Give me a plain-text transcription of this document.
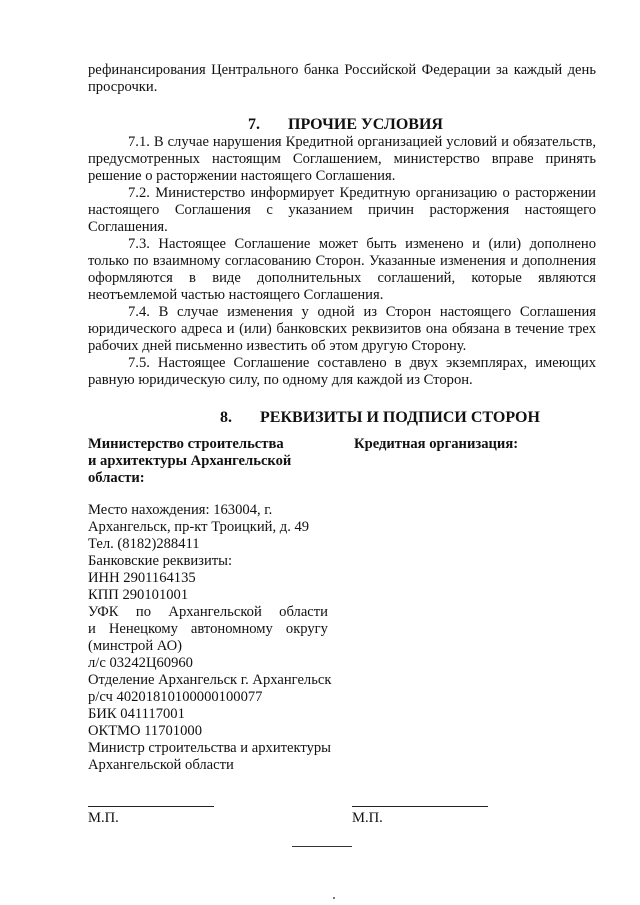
рефинансирования Центрального банка Российской Федерации за каждый день просрочки.

7. ПРОЧИЕ УСЛОВИЯ

7.1. В случае нарушения Кредитной организацией условий и обязательств, предусмотренных настоящим Соглашением, министерство вправе принять решение о расторжении настоящего Соглашения.

7.2. Министерство информирует Кредитную организацию о расторжении настоящего Соглашения с указанием причин расторжения настоящего Соглашения.

7.3. Настоящее Соглашение может быть изменено и (или) дополнено только по взаимному согласованию Сторон. Указанные изменения и дополнения оформляются в виде дополнительных соглашений, которые являются неотъемлемой частью настоящего Соглашения.

7.4. В случае изменения у одной из Сторон настоящего Соглашения юридического адреса и (или) банковских реквизитов она обязана в течение трех рабочих дней письменно известить об этом другую Сторону.

7.5. Настоящее Соглашение составлено в двух экземплярах, имеющих равную юридическую силу, по одному для каждой из Сторон.

8. РЕКВИЗИТЫ И ПОДПИСИ СТОРОН
Министерство строительства
и архитектуры Архангельской
области:
Кредитная организация:
Место нахождения: 163004, г.
Архангельск, пр-кт Троицкий, д. 49
Тел. (8182)288411
Банковские реквизиты:
ИНН 2901164135
КПП 290101001
УФК по Архангельской области
и Ненецкому автономному округу
(минстрой АО)
л/с 03242Ц60960
Отделение Архангельск г. Архангельск
р/сч 40201810100000100077
БИК 041117001
ОКТМО 11701000
Министр строительства и архитектуры
Архангельской области
М.П.	М.П.
